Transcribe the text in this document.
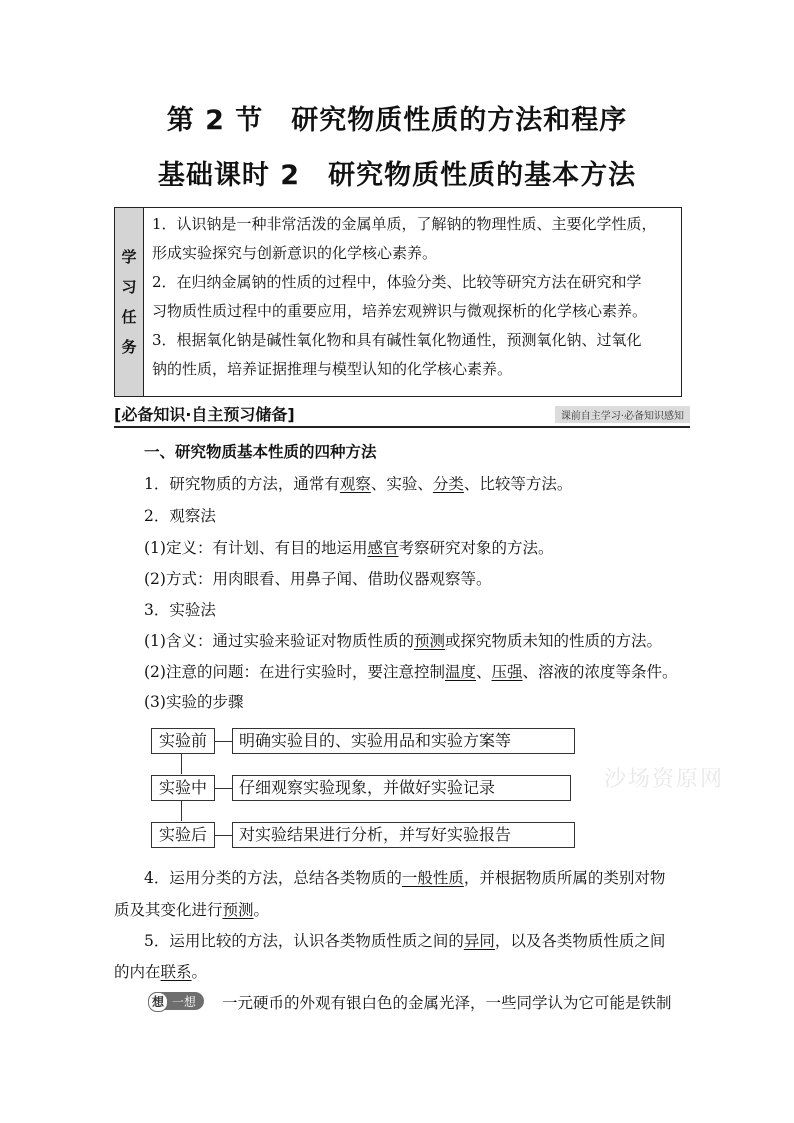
第 2 节　研究物质性质的方法和程序
基础课时 2　研究物质性质的基本方法
学
习
任
务
1．认识钠是一种非常活泼的金属单质，了解钠的物理性质、主要化学性质，
形成实验探究与创新意识的化学核心素养。
2．在归纳金属钠的性质的过程中，体验分类、比较等研究方法在研究和学
习物质性质过程中的重要应用，培养宏观辨识与微观探析的化学核心素养。
3．根据氧化钠是碱性氧化物和具有碱性氧化物通性，预测氧化钠、过氧化
钠的性质，培养证据推理与模型认知的化学核心素养。
[必备知识·自主预习储备]	课前自主学习·必备知识感知
一、研究物质基本性质的四种方法
1．研究物质的方法，通常有观察、实验、分类、比较等方法。
2．观察法
(1)定义：有计划、有目的地运用感官考察研究对象的方法。
(2)方式：用肉眼看、用鼻子闻、借助仪器观察等。
3．实验法
(1)含义：通过实验来验证对物质性质的预测或探究物质未知的性质的方法。
(2)注意的问题：在进行实验时，要注意控制温度、压强、溶液的浓度等条件。
(3)实验的步骤
实验前	明确实验目的、实验用品和实验方案等
实验中	仔细观察实验现象，并做好实验记录
实验后	对实验结果进行分析，并写好实验报告
沙场资原网
4．运用分类的方法，总结各类物质的一般性质，并根据物质所属的类别对物
质及其变化进行预测。
5．运用比较的方法，认识各类物质性质之间的异同，以及各类物质性质之间
的内在联系。
想 一想	一元硬币的外观有银白色的金属光泽，一些同学认为它可能是铁制
